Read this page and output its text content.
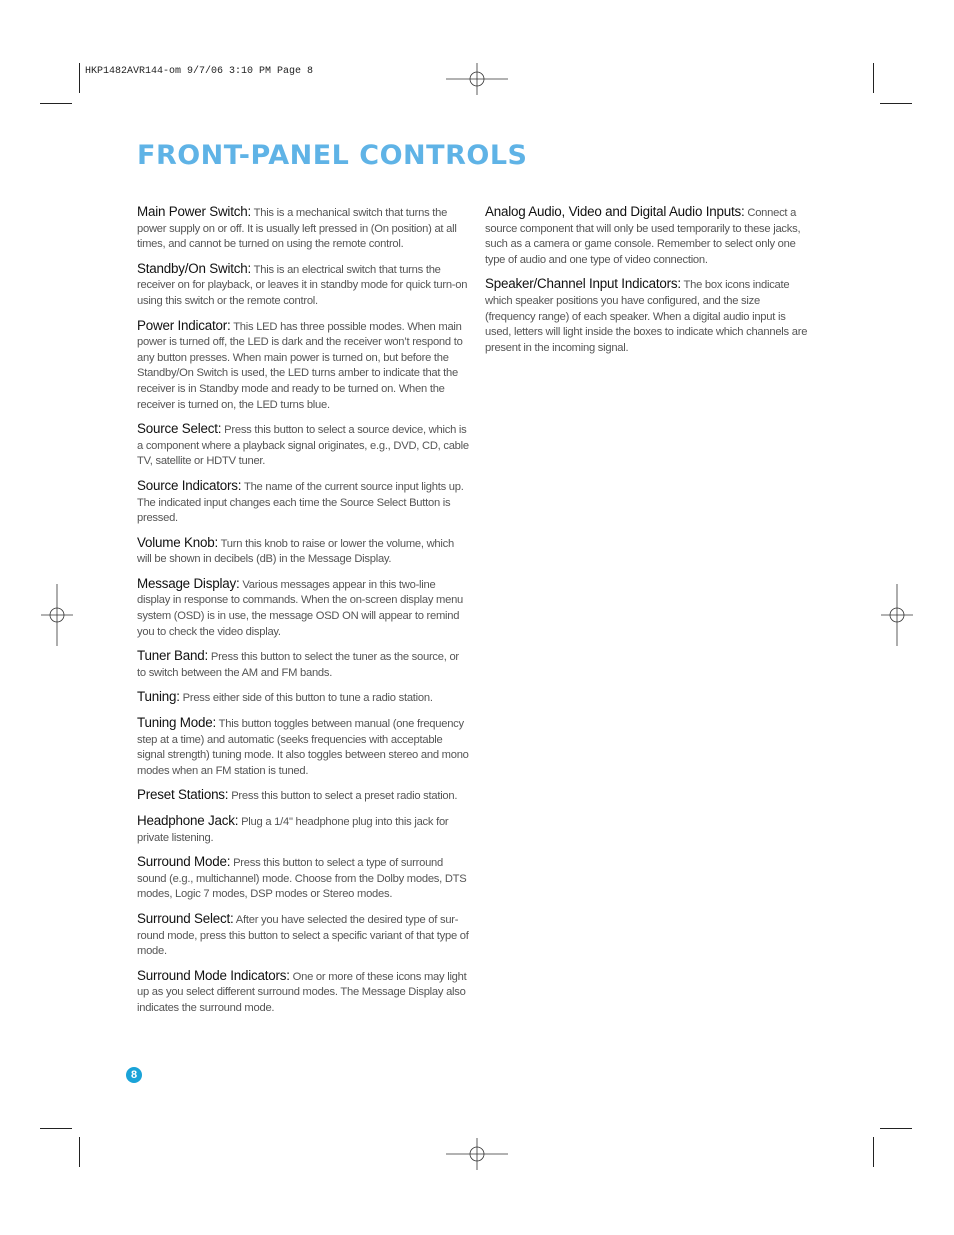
HKP1482AVR144-om 9/7/06 3:10 PM Page 8
FRONT-PANEL CONTROLS

Main Power Switch: This is a mechanical switch that turns the power supply on or off. It is usually left pressed in (On position) at all times, and cannot be turned on using the remote control.

Standby/On Switch: This is an electrical switch that turns the receiver on for playback, or leaves it in standby mode for quick turn-on using this switch or the remote control.

Power Indicator: This LED has three possible modes. When main power is turned off, the LED is dark and the receiver won’t respond to any button presses. When main power is turned on, but before the Standby/On Switch is used, the LED turns amber to indicate that the receiver is in Standby mode and ready to be turned on. When the receiver is turned on, the LED turns blue.

Source Select: Press this button to select a source device, which is a component where a playback signal originates, e.g., DVD, CD, cable TV, satellite or HDTV tuner.

Source Indicators: The name of the current source input lights up. The indicated input changes each time the Source Select Button is pressed.

Volume Knob: Turn this knob to raise or lower the volume, which will be shown in decibels (dB) in the Message Display.

Message Display: Various messages appear in this two-line display in response to commands. When the on-screen display menu system (OSD) is in use, the message OSD ON will appear to remind you to check the video display.

Tuner Band: Press this button to select the tuner as the source, or to switch between the AM and FM bands.

Tuning: Press either side of this button to tune a radio station.

Tuning Mode: This button toggles between manual (one frequency step at a time) and automatic (seeks frequencies with acceptable signal strength) tuning mode. It also toggles between stereo and mono modes when an FM station is tuned.

Preset Stations: Press this button to select a preset radio station.

Headphone Jack: Plug a 1/4" headphone plug into this jack for private listening.

Surround Mode: Press this button to select a type of surround sound (e.g., multichannel) mode. Choose from the Dolby modes, DTS modes, Logic 7 modes, DSP modes or Stereo modes.

Surround Select: After you have selected the desired type of sur- round mode, press this button to select a specific variant of that type of mode.

Surround Mode Indicators: One or more of these icons may light up as you select different surround modes. The Message Display also indicates the surround mode.

Analog Audio, Video and Digital Audio Inputs: Connect a source component that will only be used temporarily to these jacks, such as a camera or game console. Remember to select only one type of audio and one type of video connection.

Speaker/Channel Input Indicators: The box icons indicate which speaker positions you have configured, and the size (frequency range) of each speaker. When a digital audio input is used, letters will light inside the boxes to indicate which channels are present in the incoming signal.

8
